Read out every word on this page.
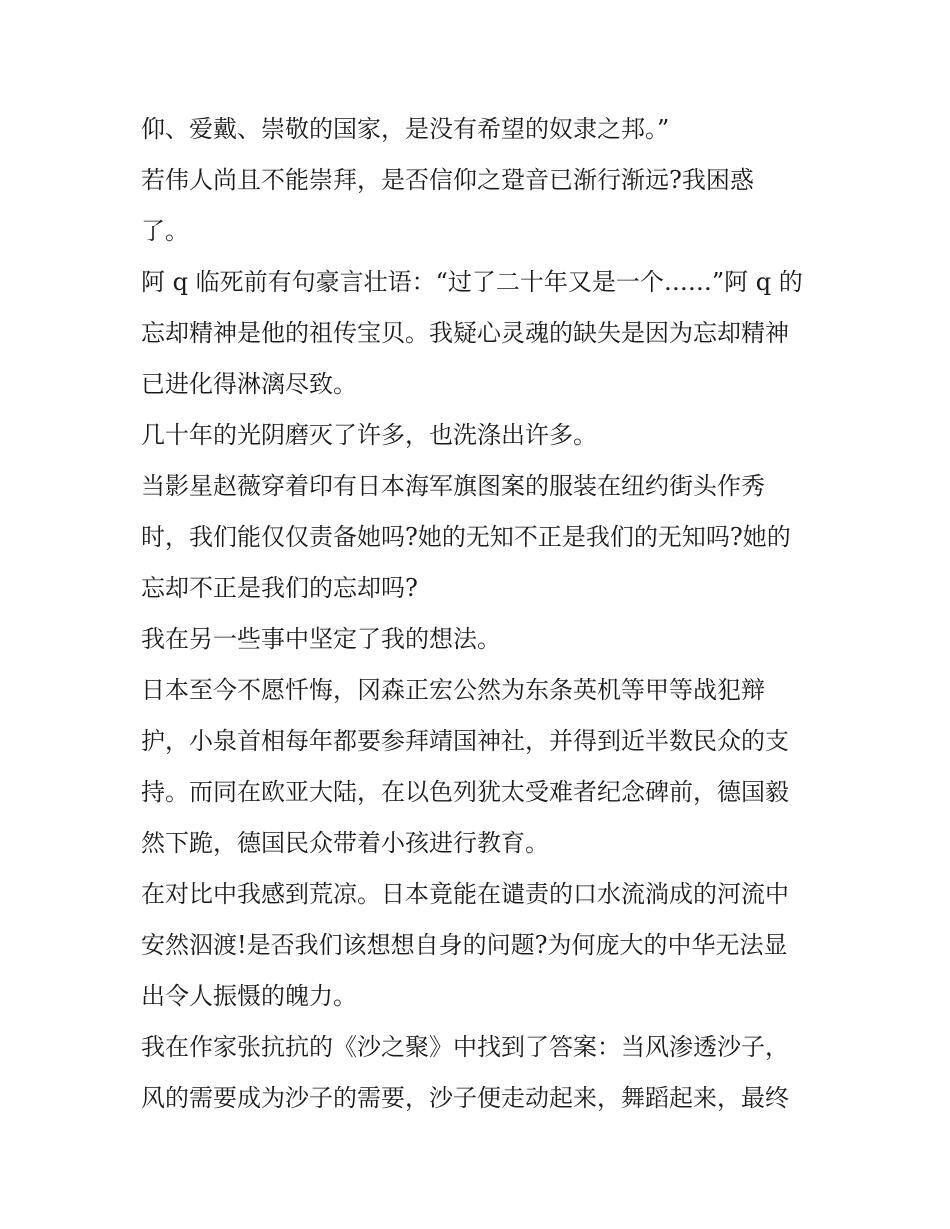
仰、爱戴、崇敬的国家，是没有希望的奴隶之邦。”
若伟人尚且不能崇拜，是否信仰之跫音已渐行渐远?我困惑
了。
阿 q 临死前有句豪言壮语：“过了二十年又是一个……”阿 q 的
忘却精神是他的祖传宝贝。我疑心灵魂的缺失是因为忘却精神
已进化得淋漓尽致。
几十年的光阴磨灭了许多，也洗涤出许多。
当影星赵薇穿着印有日本海军旗图案的服装在纽约街头作秀
时，我们能仅仅责备她吗?她的无知不正是我们的无知吗?她的
忘却不正是我们的忘却吗?
我在另一些事中坚定了我的想法。
日本至今不愿忏悔，冈森正宏公然为东条英机等甲等战犯辩
护，小泉首相每年都要参拜靖国神社，并得到近半数民众的支
持。而同在欧亚大陆，在以色列犹太受难者纪念碑前，德国毅
然下跪，德国民众带着小孩进行教育。
在对比中我感到荒凉。日本竟能在谴责的口水流淌成的河流中
安然泅渡!是否我们该想想自身的问题?为何庞大的中华无法显
出令人振慑的魄力。
我在作家张抗抗的《沙之聚》中找到了答案：当风渗透沙子，
风的需要成为沙子的需要，沙子便走动起来，舞蹈起来，最终
